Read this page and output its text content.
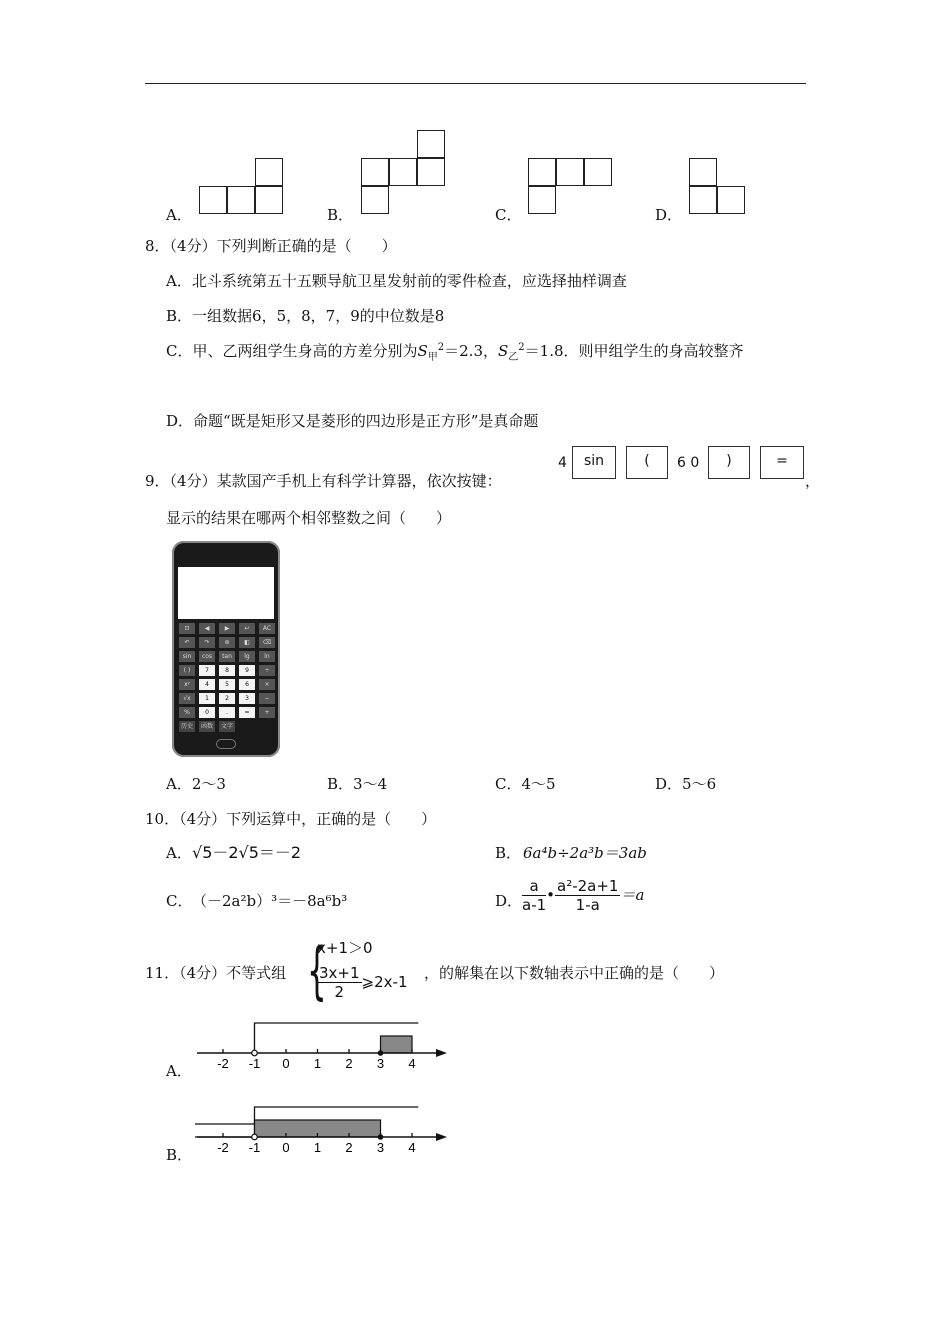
A．	B．	C．	D．
8．（4分）下列判断正确的是（　　）
A．北斗系统第五十五颗导航卫星发射前的零件检查，应选择抽样调查
B．一组数据6，5，8，7，9的中位数是8
C．甲、乙两组学生身高的方差分别为$S_甲^2=2.3$，$S_乙^2=1.8$．则甲组学生的身高较整齐
D．命题“既是矩形又是菱形的四边形是正方形”是真命题
9．（4分）某款国产手机上有科学计算器，依次按键：
4	sin	(	6 0	)	=
，
显示的结果在哪两个相邻整数之间（　　）
⊡	◀	▶	↩	AC
↶	↷	⊚	◧	⌫
sin	cos	tan	lg	ln
( )	7	8	9	÷
xʸ	4	5	6	×
√x	1	2	3	−
%	0	.	=	+
历史	函数	文字
A．2～3	B．3～4	C．4～5	D．5～6
10．（4分）下列运算中，正确的是（　　）
A． √5－2√5＝－2	B． 6a⁴b÷2a³b＝3ab
C． （－2a²b）³＝－8a⁶b³	D． $\frac{a}{a-1}$ • $\frac{\text{a²-2a+1}}{1-a} =a$
11．（4分）不等式组 {
x+1＞0
$\frac{3x+1}{2}$ ⩾2x-1 ，的解集在以下数轴表示中正确的是（　　）
A． -2 -1 0 1 2 3 4
B． -2 -1 0 1 2 3 4
